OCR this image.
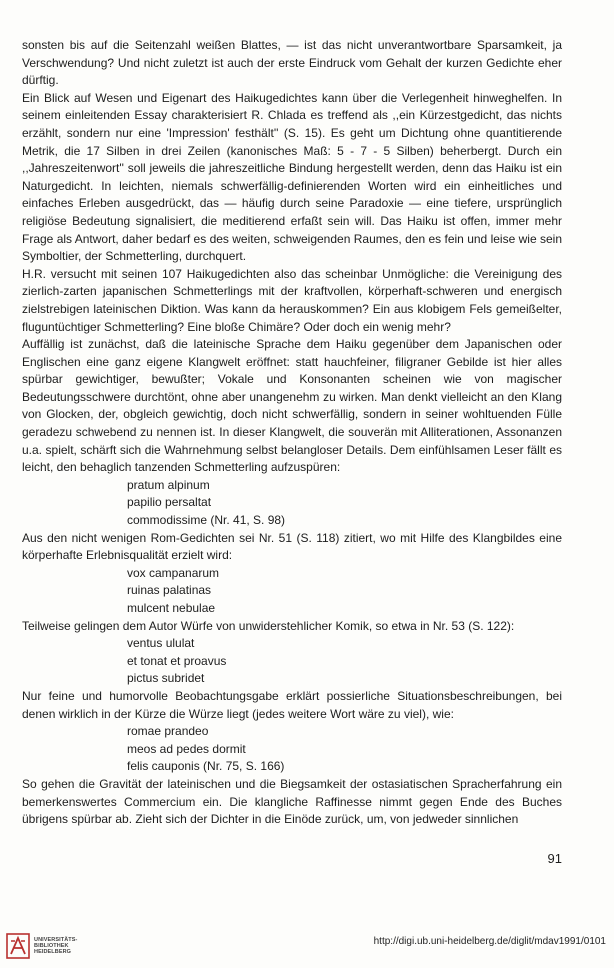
sonsten bis auf die Seitenzahl weißen Blattes, — ist das nicht unverantwortbare Sparsamkeit, ja Verschwendung? Und nicht zuletzt ist auch der erste Eindruck vom Gehalt der kurzen Gedichte eher dürftig.

Ein Blick auf Wesen und Eigenart des Haikugedichtes kann über die Verlegenheit hinweghelfen. In seinem einleitenden Essay charakterisiert R. Chlada es treffend als ,,ein Kürzestgedicht, das nichts erzählt, sondern nur eine 'Impression' festhält'' (S. 15). Es geht um Dichtung ohne quantitierende Metrik, die 17 Silben in drei Zeilen (kanonisches Maß: 5 - 7 - 5 Silben) beherbergt. Durch ein ,,Jahreszeitenwort'' soll jeweils die jahreszeitliche Bindung hergestellt werden, denn das Haiku ist ein Naturgedicht. In leichten, niemals schwerfällig-definierenden Worten wird ein einheitliches und einfaches Erleben ausgedrückt, das — häufig durch seine Paradoxie — eine tiefere, ursprünglich religiöse Bedeutung signalisiert, die meditierend erfaßt sein will. Das Haiku ist offen, immer mehr Frage als Antwort, daher bedarf es des weiten, schweigenden Raumes, den es fein und leise wie sein Symboltier, der Schmetterling, durchquert.

H.R. versucht mit seinen 107 Haikugedichten also das scheinbar Unmögliche: die Vereinigung des zierlich-zarten japanischen Schmetterlings mit der kraftvollen, körperhaft-schweren und energisch zielstrebigen lateinischen Diktion. Was kann da herauskommen? Ein aus klobigem Fels gemeißelter, fluguntüchtiger Schmetterling? Eine bloße Chimäre? Oder doch ein wenig mehr?

Auffällig ist zunächst, daß die lateinische Sprache dem Haiku gegenüber dem Japanischen oder Englischen eine ganz eigene Klangwelt eröffnet: statt hauchfeiner, filigraner Gebilde ist hier alles spürbar gewichtiger, bewußter; Vokale und Konsonanten scheinen wie von magischer Bedeutungsschwere durchtönt, ohne aber unangenehm zu wirken. Man denkt vielleicht an den Klang von Glocken, der, obgleich gewichtig, doch nicht schwerfällig, sondern in seiner wohltuenden Fülle geradezu schwebend zu nennen ist. In dieser Klangwelt, die souverän mit Alliterationen, Assonanzen u.a. spielt, schärft sich die Wahrnehmung selbst belangloser Details. Dem einfühlsamen Leser fällt es leicht, den behaglich tanzenden Schmetterling aufzuspüren:

pratum alpinum
papilio persaltat
commodissime (Nr. 41, S. 98)

Aus den nicht wenigen Rom-Gedichten sei Nr. 51 (S. 118) zitiert, wo mit Hilfe des Klangbildes eine körperhafte Erlebnisqualität erzielt wird:

vox campanarum
ruinas palatinas
mulcent nebulae

Teilweise gelingen dem Autor Würfe von unwiderstehlicher Komik, so etwa in Nr. 53 (S. 122):

ventus ululat
et tonat et proavus
pictus subridet

Nur feine und humorvolle Beobachtungsgabe erklärt possierliche Situationsbeschreibungen, bei denen wirklich in der Kürze die Würze liegt (jedes weitere Wort wäre zu viel), wie:

romae prandeo
meos ad pedes dormit
felis cauponis (Nr. 75, S. 166)

So gehen die Gravität der lateinischen und die Biegsamkeit der ostasiatischen Spracherfahrung ein bemerkenswertes Commercium ein. Die klangliche Raffinesse nimmt gegen Ende des Buches übrigens spürbar ab. Zieht sich der Dichter in die Einöde zurück, um, von jedweder sinnlichen

91
UNIVERSITÄTS-
BIBLIOTHEK
HEIDELBERG
http://digi.ub.uni-heidelberg.de/diglit/mdav1991/0101
